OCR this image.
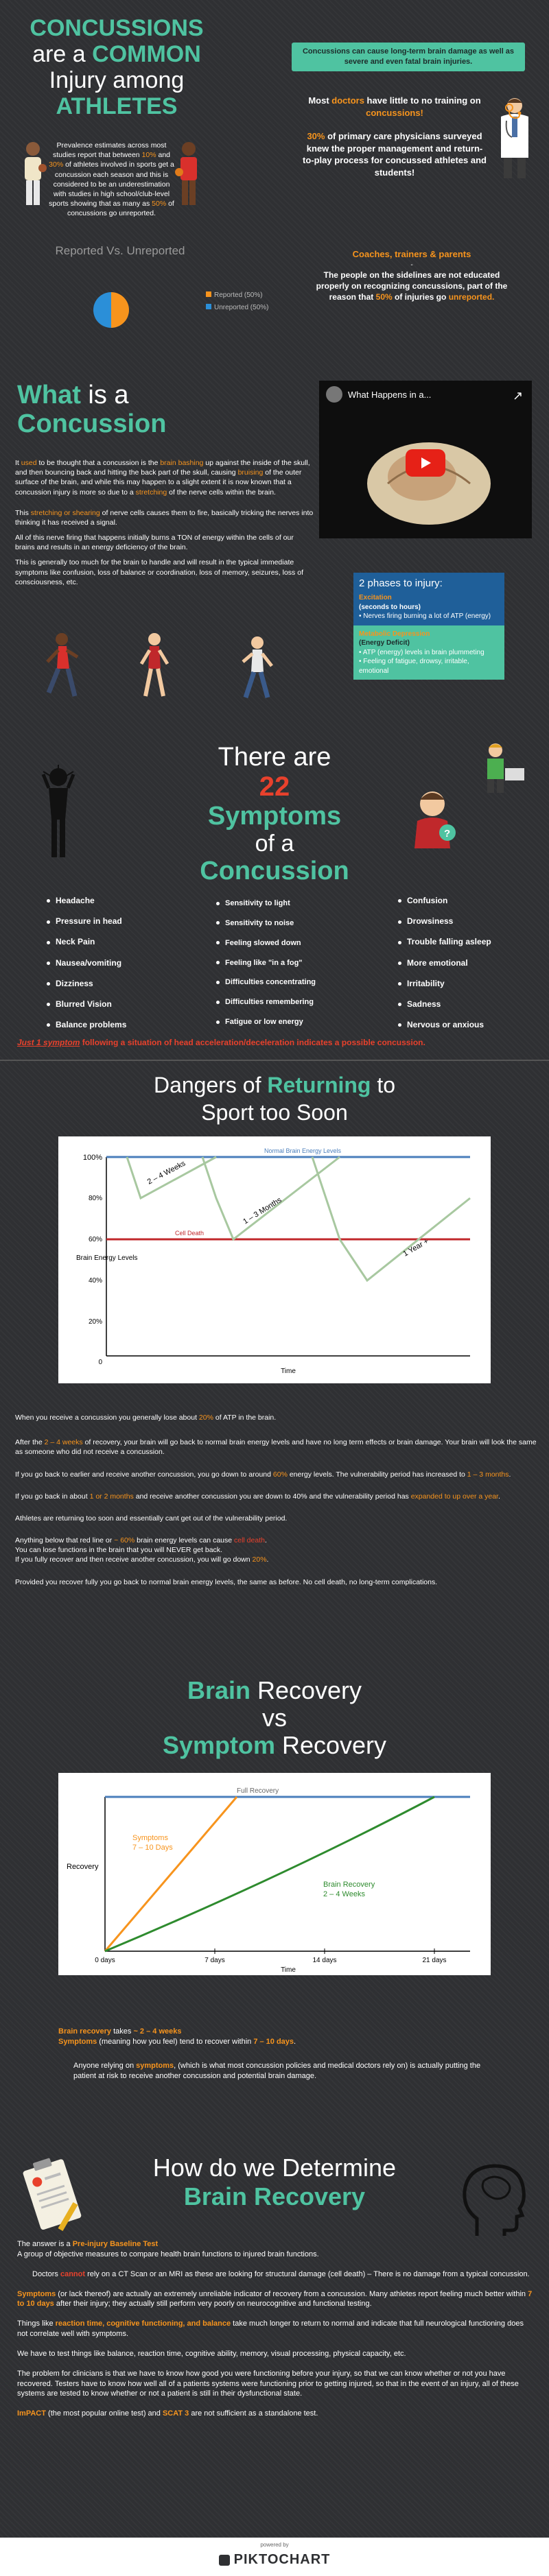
CONCUSSIONS
are a COMMON
Injury among
ATHLETES
Prevalence estimates across most studies report that between 10% and 30% of athletes involved in sports get a concussion each season and this is considered to be an underestimation with studies in high school/club-level sports showing that as many as 50% of concussions go unreported.
Reported Vs. Unreported
Reported (50%)
Unreported (50%)
Concussions can cause long-term brain damage as well as severe and even fatal brain injuries.
Most doctors have little to no training on concussions!
30% of primary care physicians surveyed knew the proper management and return-to-play process for concussed athletes and students!
Coaches, trainers & parents
-
The people on the sidelines are not educated properly on recognizing concussions, part of the reason that 50% of injuries go unreported.
What is a
Concussion
What Happens in a...	↗

It used to be thought that a concussion is the brain bashing up against the inside of the skull, and then bouncing back and hitting the back part of the skull, causing bruising of the outer surface of the brain, and while this may happen to a slight extent it is now known that a concussion injury is more so due to a stretching of the nerve cells within the brain.

This stretching or shearing of nerve cells causes them to fire, basically tricking the nerves into thinking it has received a signal.

All of this nerve firing that happens initially burns a TON of energy within the cells of our brains and results in an energy deficiency of the brain.

This is generally too much for the brain to handle and will result in the typical immediate symptoms like confusion, loss of balance or coordination, loss of memory, seizures, loss of consciousness, etc.	2 phases to injury:
Excitation
(seconds to hours)
• Nerves firing burning a lot of ATP (energy)
Metabolic Depression
(Energy Deficit)
• ATP (energy) levels in brain plummeting
• Feeling of fatigue, drowsy, irritable, emotional
There are
22
Symptoms
of a
Concussion
?
Headache
Pressure in head
Neck Pain
Nausea/vomiting
Dizziness
Blurred Vision
Balance problems
Sensitivity to light
Sensitivity to noise
Feeling slowed down
Feeling like "in a fog"
Difficulties concentrating
Difficulties remembering
Fatigue or low energy
Confusion
Drowsiness
Trouble falling asleep
More emotional
Irritability
Sadness
Nervous or anxious
Just 1 symptom following a situation of head acceleration/deceleration indicates a possible concussion.
Dangers of Returning to
Sport too Soon
100%
80%
60%
40%
20%
0
Brain Energy Levels
Time
Normal Brain Energy Levels
Cell Death
2 – 4 Weeks
1 – 3 Months
1 Year +

When you receive a concussion you generally lose about 20% of ATP in the brain.

After the 2 – 4 weeks of recovery, your brain will go back to normal brain energy levels and have no long term effects or brain damage. Your brain will look the same as someone who did not receive a concussion.

If you go back to earlier and receive another concussion, you go down to around 60% energy levels. The vulnerability period has increased to 1 – 3 months.

If you go back in about 1 or 2 months and receive another concussion you are down to 40% and the vulnerability period has expanded to up over a year.

Athletes are returning too soon and essentially cant get out of the vulnerability period.

Anything below that red line or ~ 60% brain energy levels can cause cell death.

You can lose functions in the brain that you will NEVER get back.

If you fully recover and then receive another concussion, you will go down 20%.

Provided you recover fully you go back to normal brain energy levels, the same as before. No cell death, no long-term complications.

Brain Recovery
vs
Symptom Recovery
Full Recovery
Recovery
0 days	7 days	14 days	21 days
Time
Symptoms
7 – 10 Days
Brain Recovery
2 – 4 Weeks
Brain recovery takes ~ 2 – 4 weeks
Symptoms (meaning how you feel) tend to recover within 7 – 10 days.
Anyone relying on symptoms, (which is what most concussion policies and medical doctors rely on) is actually putting the patient at risk to receive another concussion and potential brain damage.
How do we Determine
Brain Recovery
The answer is a Pre-injury Baseline Test
A group of objective measures to compare health brain functions to injured brain functions.
Doctors cannot rely on a CT Scan or an MRI as these are looking for structural damage (cell death) – There is no damage from a typical concussion.
Symptoms (or lack thereof) are actually an extremely unreliable indicator of recovery from a concussion. Many athletes report feeling much better within 7 to 10 days after their injury; they actually still perform very poorly on neurocognitive and functional testing.
Things like reaction time, cognitive functioning, and balance take much longer to return to normal and indicate that full neurological functioning does not correlate well with symptoms.
We have to test things like balance, reaction time, cognitive ability, memory, visual processing, physical capacity, etc.
The problem for clinicians is that we have to know how good you were functioning before your injury, so that we can know whether or not you have recovered. Testers have to know how well all of a patients systems were functioning prior to getting injured, so that in the event of an injury, all of these systems are tested to know whether or not a patient is still in their dysfunctional state.
ImPACT (the most popular online test) and SCAT 3 are not sufficient as a standalone test.
powered by
PIKTOCHART
